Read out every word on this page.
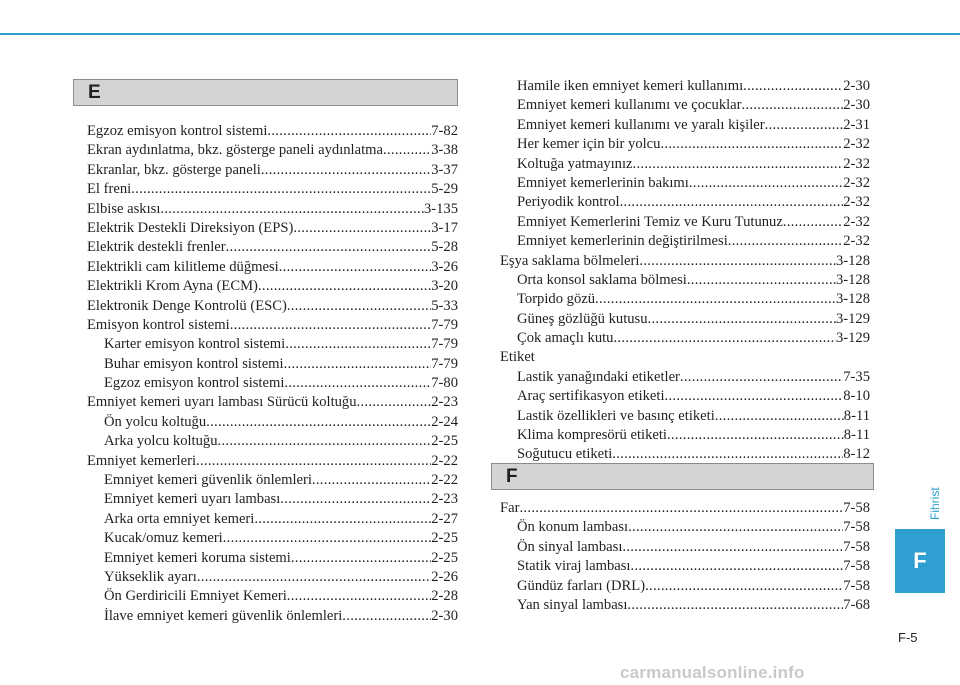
E
Egzoz emisyon kontrol sistemi .....	7-82
Ekran aydınlatma, bkz. gösterge paneli aydınlatma .....	3-38
Ekranlar, bkz. gösterge paneli .....	3-37
El freni .....	5-29
Elbise askısı .....	3-135
Elektrik Destekli Direksiyon (EPS) .....	3-17
Elektrik destekli frenler .....	5-28
Elektrikli cam kilitleme düğmesi .....	3-26
Elektrikli Krom Ayna (ECM) .....	3-20
Elektronik Denge Kontrolü (ESC) .....	5-33
Emisyon kontrol sistemi .....	7-79
Karter emisyon kontrol sistemi .....	7-79
Buhar emisyon kontrol sistemi .....	7-79
Egzoz emisyon kontrol sistemi .....	7-80
Emniyet kemeri uyarı lambası Sürücü koltuğu .....	2-23
Ön yolcu koltuğu .....	2-24
Arka yolcu koltuğu .....	2-25
Emniyet kemerleri .....	2-22
Emniyet kemeri güvenlik önlemleri .....	2-22
Emniyet kemeri uyarı lambası .....	2-23
Arka orta emniyet kemeri .....	2-27
Kucak/omuz kemeri .....	2-25
Emniyet kemeri koruma sistemi .....	2-25
Yükseklik ayarı .....	2-26
Ön Gerdiricili Emniyet Kemeri .....	2-28
İlave emniyet kemeri güvenlik önlemleri .....	2-30
Hamile iken emniyet kemeri kullanımı .....	2-30
Emniyet kemeri kullanımı ve çocuklar .....	2-30
Emniyet kemeri kullanımı ve yaralı kişiler .....	2-31
Her kemer için bir yolcu .....	2-32
Koltuğa yatmayınız .....	2-32
Emniyet kemerlerinin bakımı .....	2-32
Periyodik kontrol .....	2-32
Emniyet Kemerlerini Temiz ve Kuru Tutunuz .....	2-32
Emniyet kemerlerinin değiştirilmesi .....	2-32
Eşya saklama bölmeleri .....	3-128
Orta konsol saklama bölmesi .....	3-128
Torpido gözü .....	3-128
Güneş gözlüğü kutusu .....	3-129
Çok amaçlı kutu .....	3-129
Etiket
Lastik yanağındaki etiketler .....	7-35
Araç sertifikasyon etiketi .....	8-10
Lastik özellikleri ve basınç etiketi .....	8-11
Klima kompresörü etiketi .....	8-11
Soğutucu etiketi .....	8-12
F
Far .....	7-58
Ön konum lambası .....	7-58
Ön sinyal lambası .....	7-58
Statik viraj lambası .....	7-58
Gündüz farları (DRL) .....	7-58
Yan sinyal lambası .....	7-68
Fihrist
F
F-5
carmanualsonline.info
